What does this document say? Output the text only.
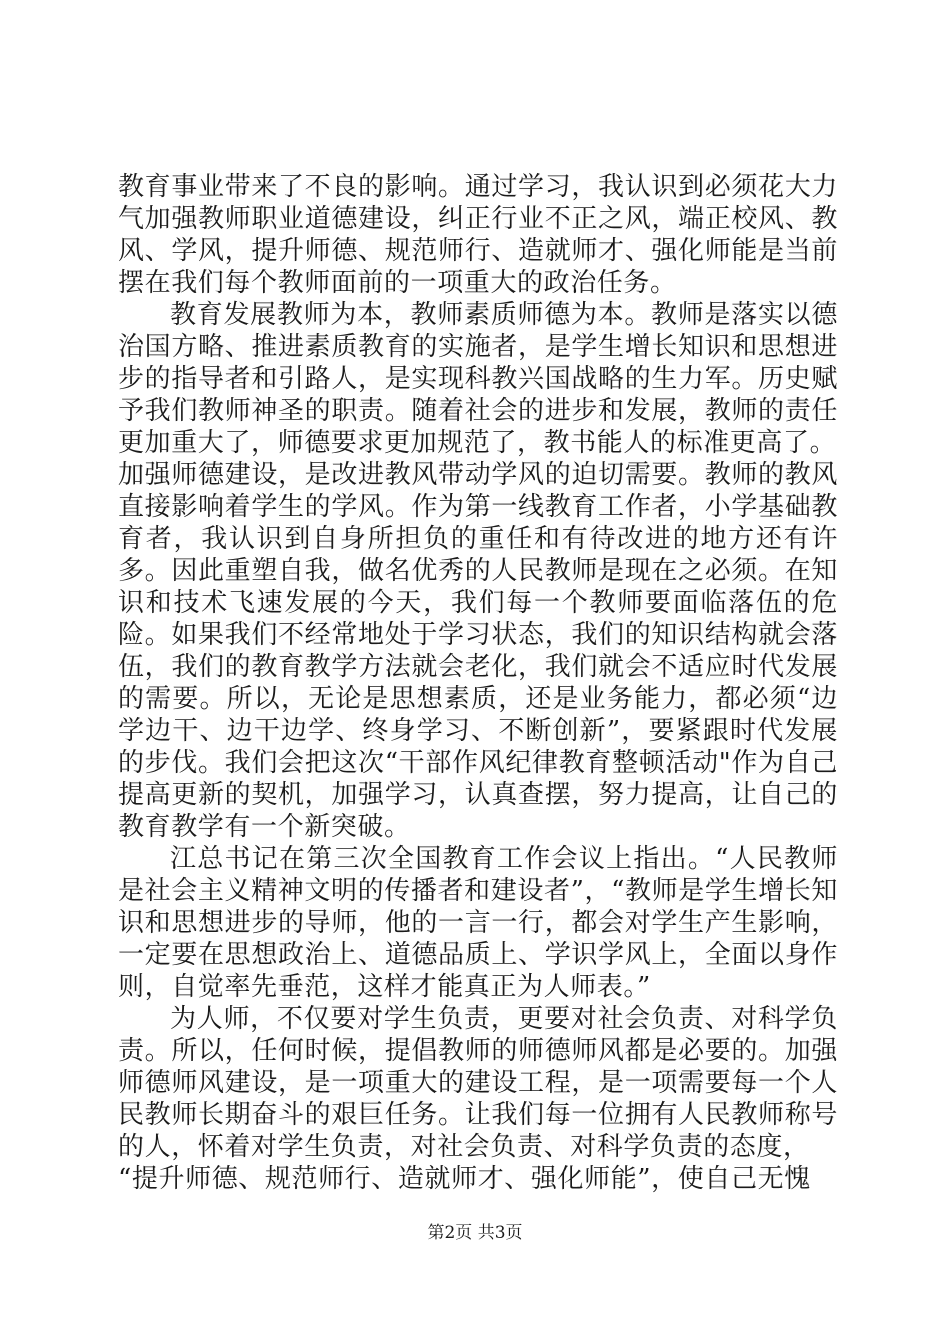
教育事业带来了不良的影响。通过学习，我认识到必须花大力气加强教师职业道德建设，纠正行业不正之风，端正校风、教风、学风，提升师德、规范师行、造就师才、强化师能是当前摆在我们每个教师面前的一项重大的政治任务。

教育发展教师为本，教师素质师德为本。教师是落实以德治国方略、推进素质教育的实施者，是学生增长知识和思想进步的指导者和引路人，是实现科教兴国战略的生力军。历史赋予我们教师神圣的职责。随着社会的进步和发展，教师的责任更加重大了，师德要求更加规范了，教书能人的标准更高了。

加强师德建设，是改进教风带动学风的迫切需要。教师的教风直接影响着学生的学风。作为第一线教育工作者，小学基础教育者，我认识到自身所担负的重任和有待改进的地方还有许多。因此重塑自我，做名优秀的人民教师是现在之必须。在知识和技术飞速发展的今天，我们每一个教师要面临落伍的危险。如果我们不经常地处于学习状态，我们的知识结构就会落伍，我们的教育教学方法就会老化，我们就会不适应时代发展的需要。所以，无论是思想素质，还是业务能力，都必须“边学边干、边干边学、终身学习、不断创新”，要紧跟时代发展的步伐。我们会把这次“干部作风纪律教育整顿活动"作为自己提高更新的契机，加强学习，认真查摆，努力提高，让自己的教育教学有一个新突破。

江总书记在第三次全国教育工作会议上指出。“人民教师是社会主义精神文明的传播者和建设者”，“教师是学生增长知识和思想进步的导师，他的一言一行，都会对学生产生影响，一定要在思想政治上、道德品质上、学识学风上，全面以身作则，自觉率先垂范，这样才能真正为人师表。”

为人师，不仅要对学生负责，更要对社会负责、对科学负责。所以，任何时候，提倡教师的师德师风都是必要的。加强师德师风建设，是一项重大的建设工程，是一项需要每一个人民教师长期奋斗的艰巨任务。让我们每一位拥有人民教师称号的人，怀着对学生负责，对社会负责、对科学负责的态度，

“提升师德、规范师行、造就师才、强化师能”，使自己无愧

第2页 共3页
